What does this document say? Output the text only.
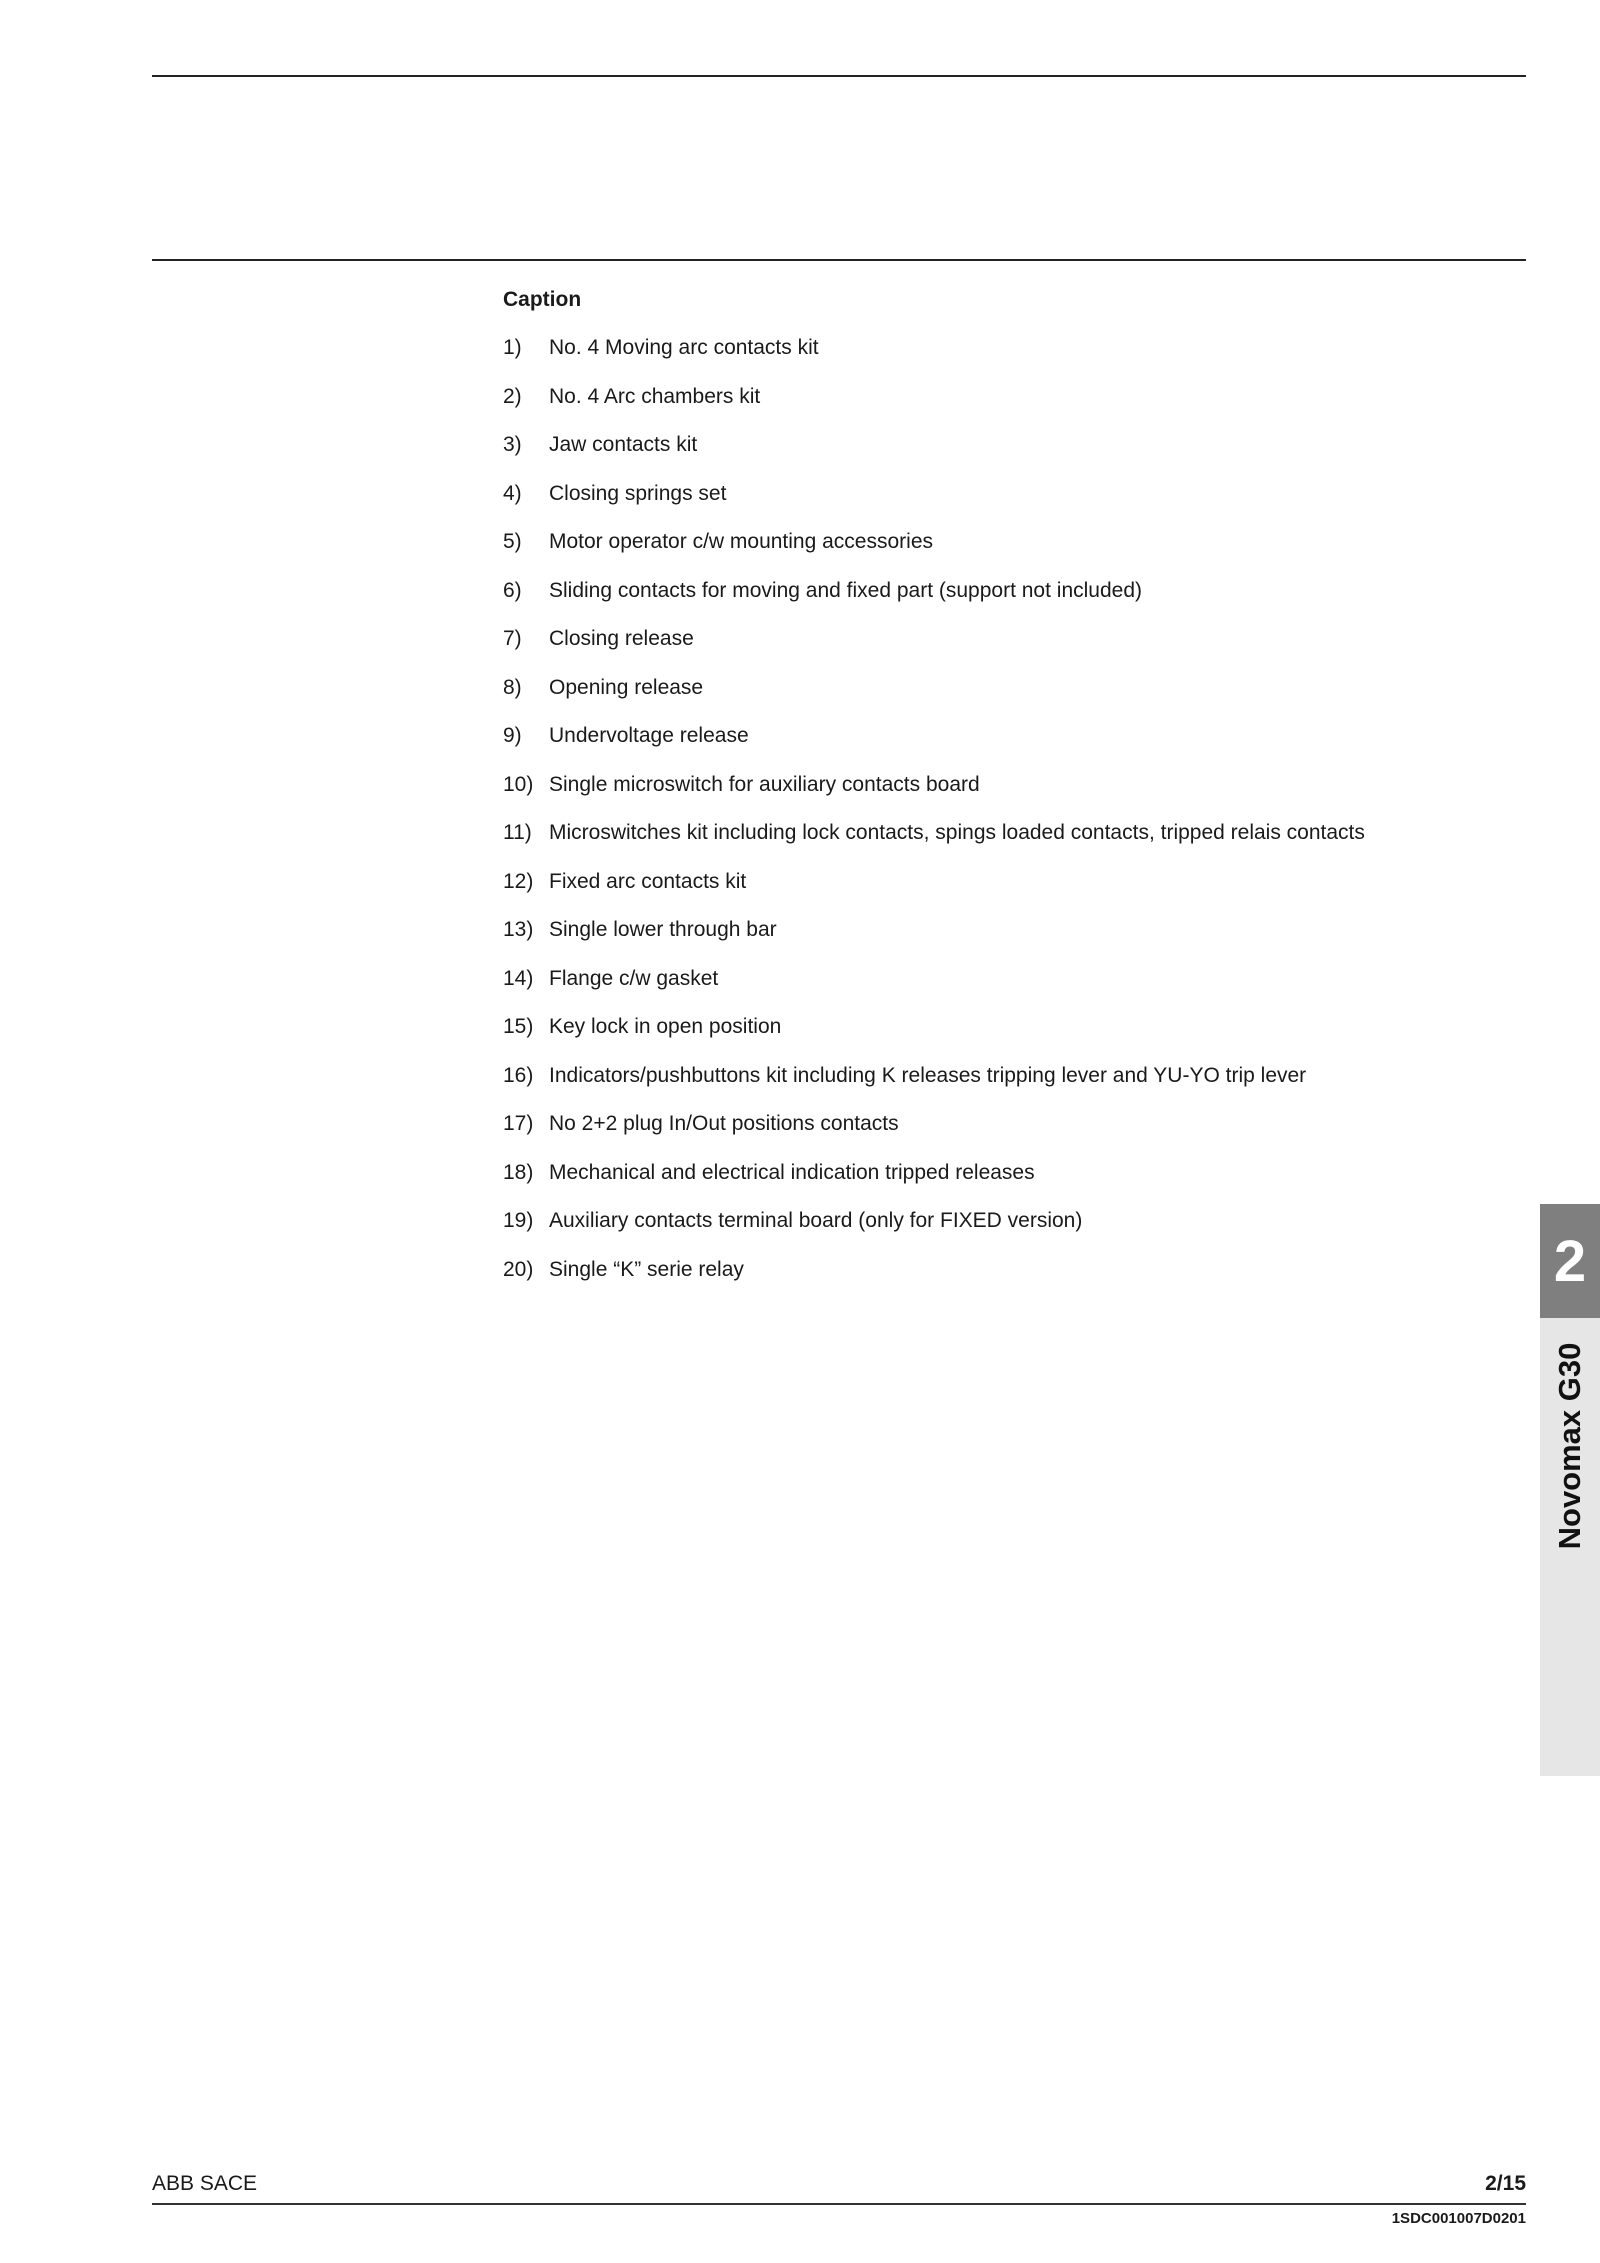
Caption
1)	No. 4 Moving arc contacts kit
2)	No. 4 Arc chambers kit
3)	Jaw contacts kit
4)	Closing springs set
5)	Motor operator c/w mounting accessories
6)	Sliding contacts for moving and fixed part (support not included)
7)	Closing release
8)	Opening release
9)	Undervoltage release
10) Single microswitch for auxiliary contacts board
11) Microswitches kit including lock contacts, spings loaded contacts, tripped relais contacts
12) Fixed arc contacts kit
13) Single lower through bar
14) Flange c/w gasket
15) Key lock in open position
16) Indicators/pushbuttons kit including K releases tripping lever and YU-YO trip lever
17) No 2+2 plug In/Out positions contacts
18) Mechanical and electrical indication tripped releases
19) Auxiliary contacts terminal board (only for FIXED version)
20) Single “K” serie relay	2
Novomax G30
ABB SACE	2/15
1SDC001007D0201
